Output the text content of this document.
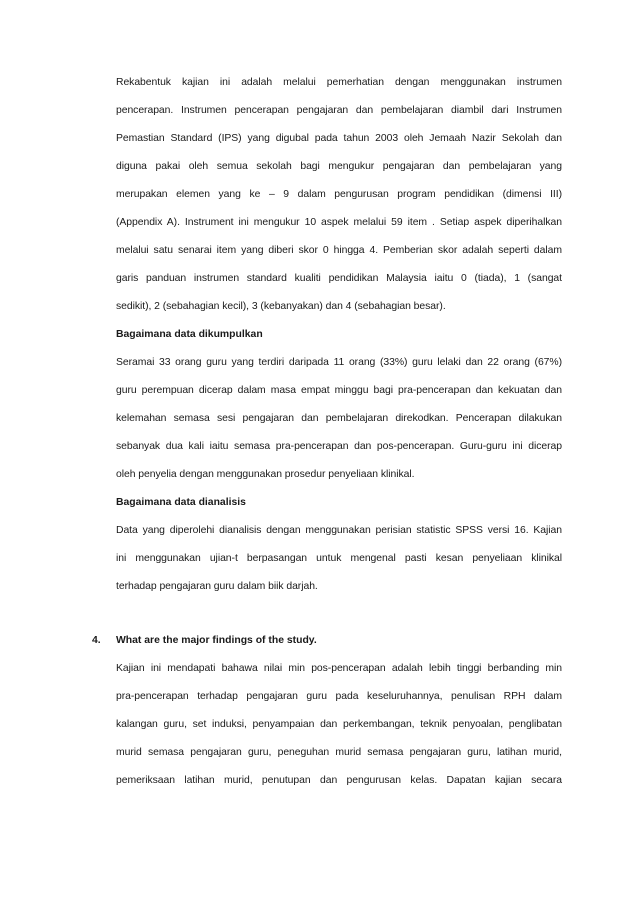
Rekabentuk kajian ini adalah melalui pemerhatian dengan menggunakan instrumen
pencerapan. Instrumen pencerapan pengajaran dan pembelajaran diambil dari Instrumen
Pemastian Standard (IPS) yang digubal pada tahun 2003 oleh Jemaah Nazir Sekolah dan
diguna pakai oleh semua sekolah bagi mengukur pengajaran dan pembelajaran yang
merupakan elemen yang ke – 9 dalam pengurusan program pendidikan (dimensi III)
(Appendix A). Instrument ini mengukur 10 aspek melalui 59 item . Setiap aspek diperihalkan
melalui satu senarai item yang diberi skor 0 hingga 4. Pemberian skor adalah seperti dalam
garis panduan instrumen standard kualiti pendidikan Malaysia iaitu 0 (tiada), 1 (sangat
sedikit), 2 (sebahagian kecil), 3 (kebanyakan) dan 4 (sebahagian besar).
Bagaimana data dikumpulkan
Seramai 33 orang guru yang terdiri daripada 11 orang (33%) guru lelaki dan 22 orang (67%)
guru perempuan dicerap dalam masa empat minggu bagi pra-pencerapan dan kekuatan dan
kelemahan semasa sesi pengajaran dan pembelajaran direkodkan. Pencerapan dilakukan
sebanyak dua kali iaitu semasa pra-pencerapan dan pos-pencerapan. Guru-guru ini dicerap
oleh penyelia dengan menggunakan prosedur penyeliaan klinikal.
Bagaimana data dianalisis
Data yang diperolehi dianalisis dengan menggunakan perisian statistic SPSS versi 16. Kajian
ini menggunakan ujian-t berpasangan untuk mengenal pasti kesan penyeliaan klinikal
terhadap pengajaran guru dalam biik darjah.
4. What are the major findings of the study.
Kajian ini mendapati bahawa nilai min pos-pencerapan adalah lebih tinggi berbanding min
pra-pencerapan terhadap pengajaran guru pada keseluruhannya, penulisan RPH dalam
kalangan guru, set induksi, penyampaian dan perkembangan, teknik penyoalan, penglibatan
murid semasa pengajaran guru, peneguhan murid semasa pengajaran guru, latihan murid,
pemeriksaan latihan murid, penutupan dan pengurusan kelas. Dapatan kajian secara
